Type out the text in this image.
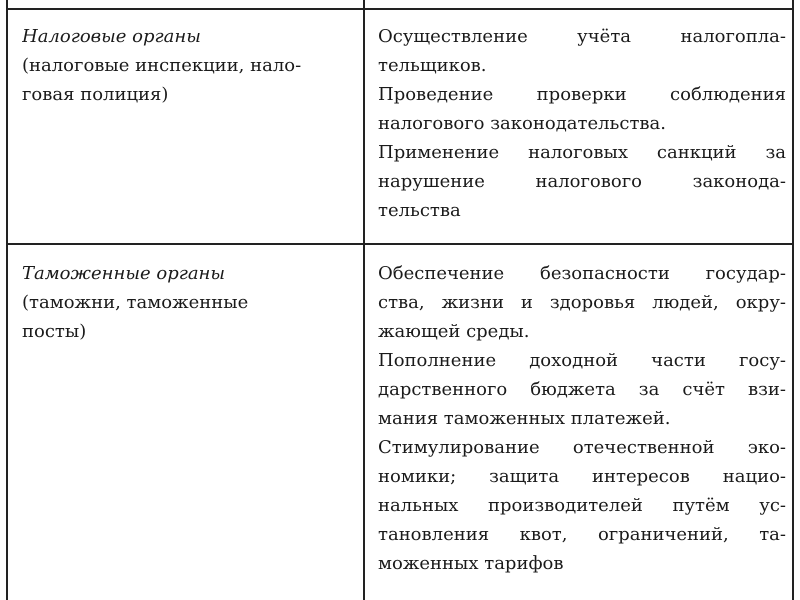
Налоговые органы
(налоговые инспекции, нало-
говая полиция)
Осуществление учёта налогопла-
тельщиков.
Проведение проверки соблюдения
налогового законодательства.
Применение налоговых санкций за
нарушение налогового законода-
тельства
Таможенные органы
(таможни, таможенные
посты)
Обеспечение безопасности государ-
ства, жизни и здоровья людей, окру-
жающей среды.
Пополнение доходной части госу-
дарственного бюджета за счёт взи-
мания таможенных платежей.
Стимулирование отечественной эко-
номики; защита интересов нацио-
нальных производителей путём ус-
тановления квот, ограничений, та-
моженных тарифов
